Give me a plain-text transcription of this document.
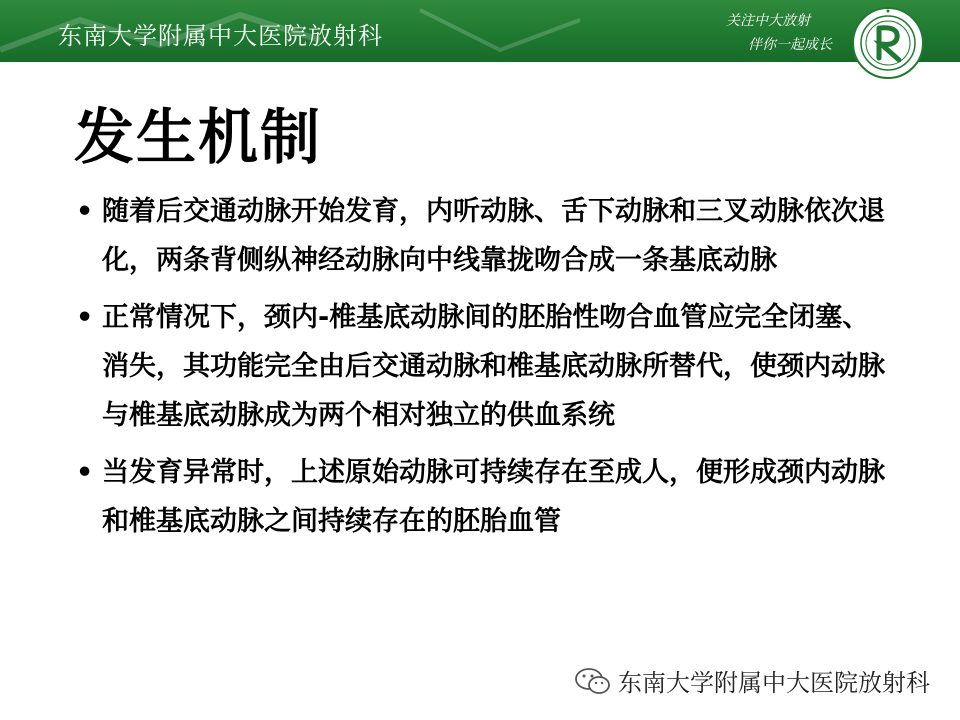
东南大学附属中大医院放射科
关注中大放射
伴你一起成长
发生机制
• 随着后交通动脉开始发育，内听动脉、舌下动脉和三叉动脉依次退化，两条背侧纵神经动脉向中线靠拢吻合成一条基底动脉
• 正常情况下，颈内-椎基底动脉间的胚胎性吻合血管应完全闭塞、消失，其功能完全由后交通动脉和椎基底动脉所替代，使颈内动脉与椎基底动脉成为两个相对独立的供血系统
• 当发育异常时，上述原始动脉可持续存在至成人，便形成颈内动脉和椎基底动脉之间持续存在的胚胎血管
东南大学附属中大医院放射科
